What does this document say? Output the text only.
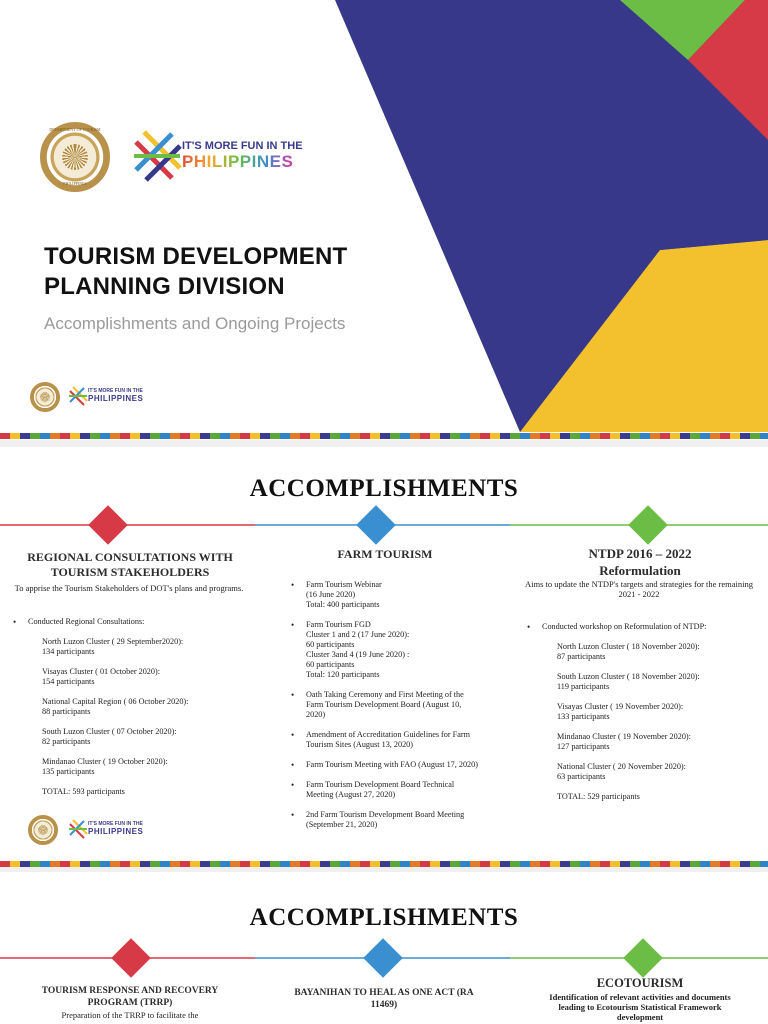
DEPARTMENT OF TOURISM
PHILIPPINES
IT'S MORE FUN IN THE
PHILIPPINES
TOURISM DEVELOPMENT
PLANNING DIVISION
Accomplishments and Ongoing Projects
IT'S MORE FUN IN THE
PHILIPPINES
ACCOMPLISHMENTS
REGIONAL CONSULTATIONS WITH TOURISM STAKEHOLDERS
To apprise the Tourism Stakeholders of DOT's plans and programs.
• Conducted Regional Consultations:
North Luzon Cluster ( 29 September2020):
134 participants
Visayas Cluster ( 01 October 2020):
154 participants
National Capital Region ( 06 October 2020):
88 participants
South Luzon Cluster ( 07 October 2020):
82 participants
Mindanao Cluster ( 19 October 2020):
135 participants
TOTAL: 593 participants
IT'S MORE FUN IN THE
PHILIPPINES
FARM TOURISM
• Farm Tourism Webinar
(16 June 2020)
Total: 400 participants
• Farm Tourism FGD
Cluster 1 and 2 (17 June 2020):
60 participants
Cluster 3and 4 (19 June 2020) :
60 participants
Total: 120 participants
• Oath Taking Ceremony and First Meeting of the Farm Tourism Development Board (August 10, 2020)
• Amendment of Accreditation Guidelines for Farm Tourism Sites (August 13, 2020)
• Farm Tourism Meeting with FAO (August 17, 2020)
• Farm Tourism Development Board Technical Meeting (August 27, 2020)
• 2nd Farm Tourism Development Board Meeting (September 21, 2020)
NTDP 2016 – 2022
Reformulation
Aims to update the NTDP's targets and strategies for the remaining 2021 - 2022
• Conducted workshop on Reformulation of NTDP:
North Luzon Cluster ( 18 November 2020):
87 participants
South Luzon Cluster ( 18 November 2020):
119 participants
Visayas Cluster ( 19 November 2020):
133 participants
Mindanao Cluster ( 19 November 2020):
127 participants
National Cluster ( 20 November 2020):
63 participants
TOTAL: 529 participants
ACCOMPLISHMENTS
TOURISM RESPONSE AND RECOVERY PROGRAM (TRRP)
Preparation of the TRRP to facilitate the
BAYANIHAN TO HEAL AS ONE ACT (RA 11469)
ECOTOURISM
Identification of relevant activities and documents leading to Ecotourism Statistical Framework development
